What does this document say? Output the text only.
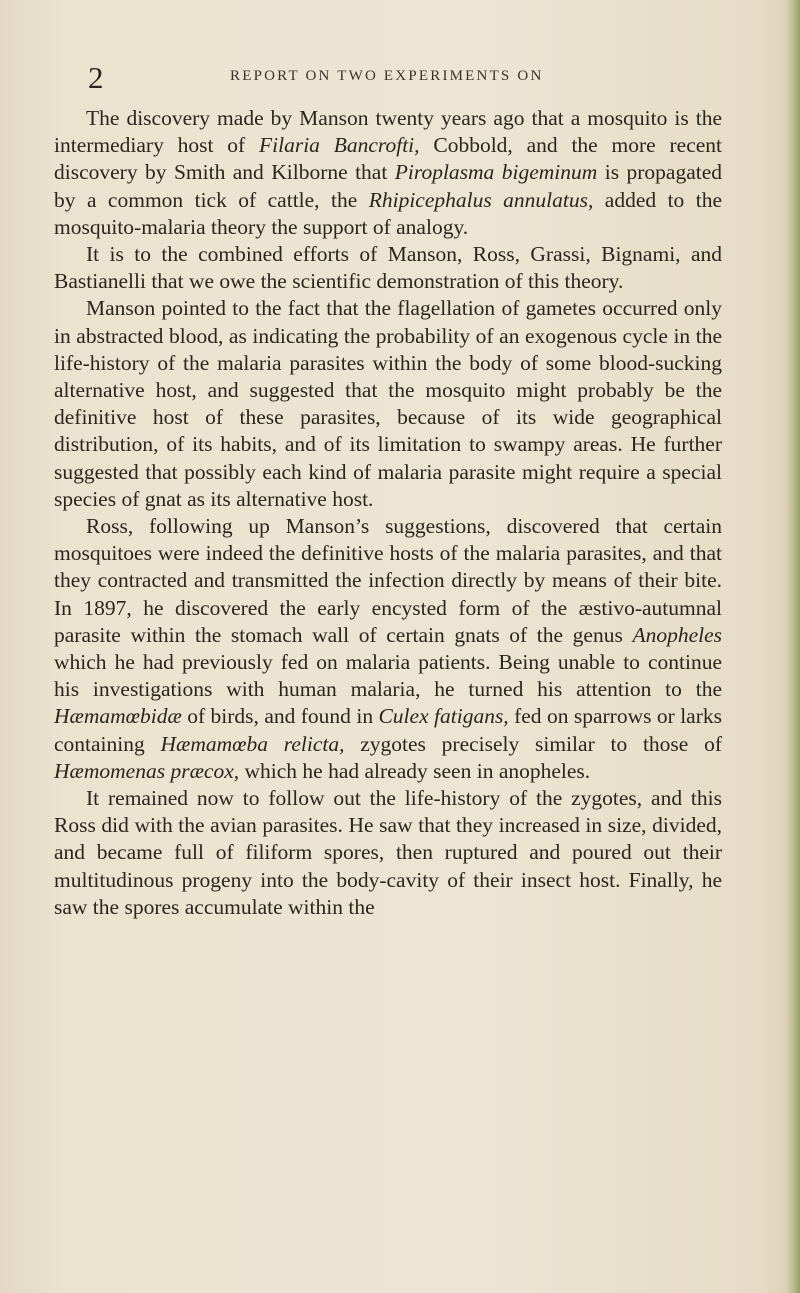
2	REPORT ON TWO EXPERIMENTS ON

The discovery made by Manson twenty years ago that a mosquito is the intermediary host of Filaria Bancrofti, Cobbold, and the more recent discovery by Smith and Kilborne that Piroplasma bigeminum is propagated by a common tick of cattle, the Rhipicephalus annulatus, added to the mosquito-malaria theory the support of analogy.

It is to the combined efforts of Manson, Ross, Grassi, Bignami, and Bastianelli that we owe the scientific demonstration of this theory.

Manson pointed to the fact that the flagellation of gametes occurred only in abstracted blood, as indicating the probability of an exogenous cycle in the life-history of the malaria parasites within the body of some blood-sucking alternative host, and suggested that the mosquito might probably be the definitive host of these parasites, because of its wide geographical distribution, of its habits, and of its limitation to swampy areas. He further suggested that possibly each kind of malaria parasite might require a special species of gnat as its alternative host.

Ross, following up Manson’s suggestions, discovered that certain mosquitoes were indeed the definitive hosts of the malaria parasites, and that they contracted and transmitted the infection directly by means of their bite. In 1897, he discovered the early encysted form of the æstivo-autumnal parasite within the stomach wall of certain gnats of the genus Anopheles which he had previously fed on malaria patients. Being unable to continue his investigations with human malaria, he turned his attention to the Hæmamœbidæ of birds, and found in Culex fatigans, fed on sparrows or larks containing Hæmamœba relicta, zygotes precisely similar to those of Hæmomenas præcox, which he had already seen in anopheles.

It remained now to follow out the life-history of the zygotes, and this Ross did with the avian parasites. He saw that they increased in size, divided, and became full of filiform spores, then ruptured and poured out their multitudinous progeny into the body-cavity of their insect host. Finally, he saw the spores accumulate within the
